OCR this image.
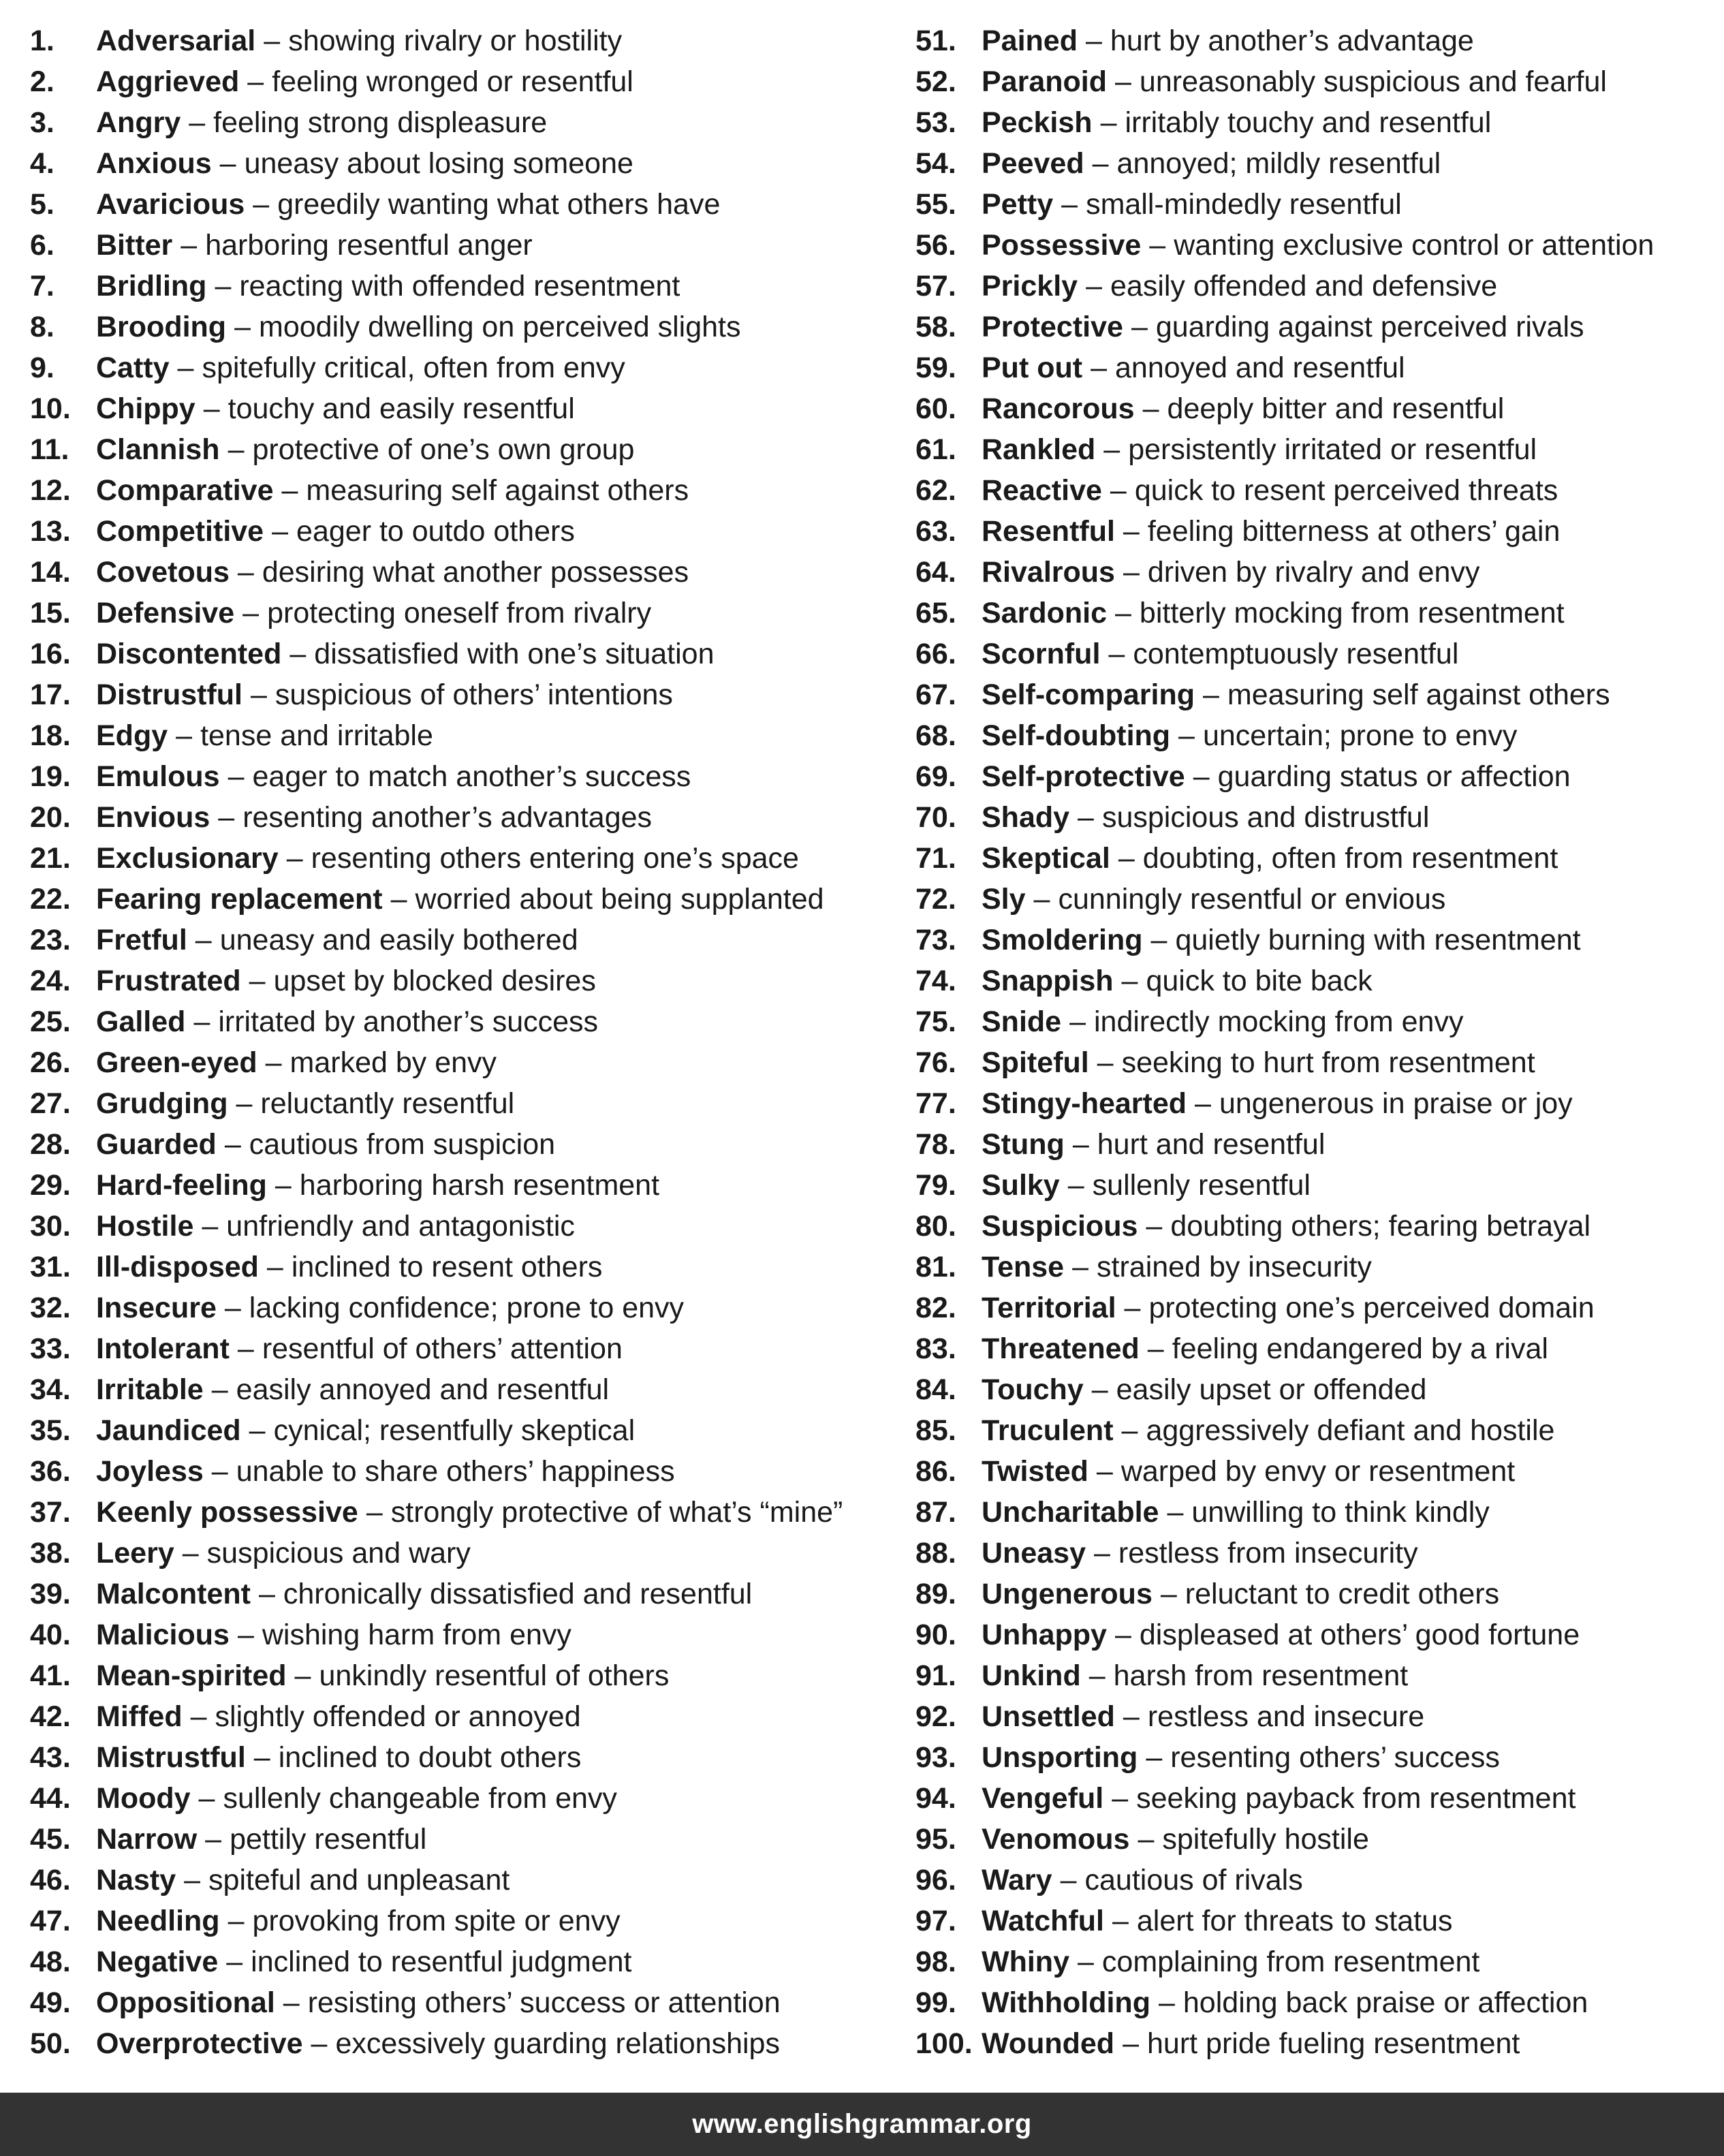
1.	Adversarial – showing rivalry or hostility
2.	Aggrieved – feeling wronged or resentful
3.	Angry – feeling strong displeasure
4.	Anxious – uneasy about losing someone
5.	Avaricious – greedily wanting what others have
6.	Bitter – harboring resentful anger
7.	Bridling – reacting with offended resentment
8.	Brooding – moodily dwelling on perceived slights
9.	Catty – spitefully critical, often from envy
10. Chippy – touchy and easily resentful
11. Clannish – protective of one’s own group
12. Comparative – measuring self against others
13. Competitive – eager to outdo others
14. Covetous – desiring what another possesses
15. Defensive – protecting oneself from rivalry
16. Discontented – dissatisfied with one’s situation
17. Distrustful – suspicious of others’ intentions
18. Edgy – tense and irritable
19. Emulous – eager to match another’s success
20. Envious – resenting another’s advantages
21. Exclusionary – resenting others entering one’s space
22. Fearing replacement – worried about being supplanted
23. Fretful – uneasy and easily bothered
24. Frustrated – upset by blocked desires
25. Galled – irritated by another’s success
26. Green-eyed – marked by envy
27. Grudging – reluctantly resentful
28. Guarded – cautious from suspicion
29. Hard-feeling – harboring harsh resentment
30. Hostile – unfriendly and antagonistic
31. Ill-disposed – inclined to resent others
32. Insecure – lacking confidence; prone to envy
33. Intolerant – resentful of others’ attention
34. Irritable – easily annoyed and resentful
35. Jaundiced – cynical; resentfully skeptical
36. Joyless – unable to share others’ happiness
37. Keenly possessive – strongly protective of what’s “mine”
38. Leery – suspicious and wary
39. Malcontent – chronically dissatisfied and resentful
40. Malicious – wishing harm from envy
41. Mean-spirited – unkindly resentful of others
42. Miffed – slightly offended or annoyed
43. Mistrustful – inclined to doubt others
44. Moody – sullenly changeable from envy
45. Narrow – pettily resentful
46. Nasty – spiteful and unpleasant
47. Needling – provoking from spite or envy
48. Negative – inclined to resentful judgment
49. Oppositional – resisting others’ success or attention
50. Overprotective – excessively guarding relationships
51. Pained – hurt by another’s advantage
52. Paranoid – unreasonably suspicious and fearful
53. Peckish – irritably touchy and resentful
54. Peeved – annoyed; mildly resentful
55. Petty – small-mindedly resentful
56. Possessive – wanting exclusive control or attention
57. Prickly – easily offended and defensive
58. Protective – guarding against perceived rivals
59. Put out – annoyed and resentful
60. Rancorous – deeply bitter and resentful
61. Rankled – persistently irritated or resentful
62. Reactive – quick to resent perceived threats
63. Resentful – feeling bitterness at others’ gain
64. Rivalrous – driven by rivalry and envy
65. Sardonic – bitterly mocking from resentment
66. Scornful – contemptuously resentful
67. Self-comparing – measuring self against others
68. Self-doubting – uncertain; prone to envy
69. Self-protective – guarding status or affection
70. Shady – suspicious and distrustful
71. Skeptical – doubting, often from resentment
72. Sly – cunningly resentful or envious
73. Smoldering – quietly burning with resentment
74. Snappish – quick to bite back
75. Snide – indirectly mocking from envy
76. Spiteful – seeking to hurt from resentment
77. Stingy-hearted – ungenerous in praise or joy
78. Stung – hurt and resentful
79. Sulky – sullenly resentful
80. Suspicious – doubting others; fearing betrayal
81. Tense – strained by insecurity
82. Territorial – protecting one’s perceived domain
83. Threatened – feeling endangered by a rival
84. Touchy – easily upset or offended
85. Truculent – aggressively defiant and hostile
86. Twisted – warped by envy or resentment
87. Uncharitable – unwilling to think kindly
88. Uneasy – restless from insecurity
89. Ungenerous – reluctant to credit others
90. Unhappy – displeased at others’ good fortune
91. Unkind – harsh from resentment
92. Unsettled – restless and insecure
93. Unsporting – resenting others’ success
94. Vengeful – seeking payback from resentment
95. Venomous – spitefully hostile
96. Wary – cautious of rivals
97. Watchful – alert for threats to status
98. Whiny – complaining from resentment
99. Withholding – holding back praise or affection
100. Wounded – hurt pride fueling resentment
www.englishgrammar.org
